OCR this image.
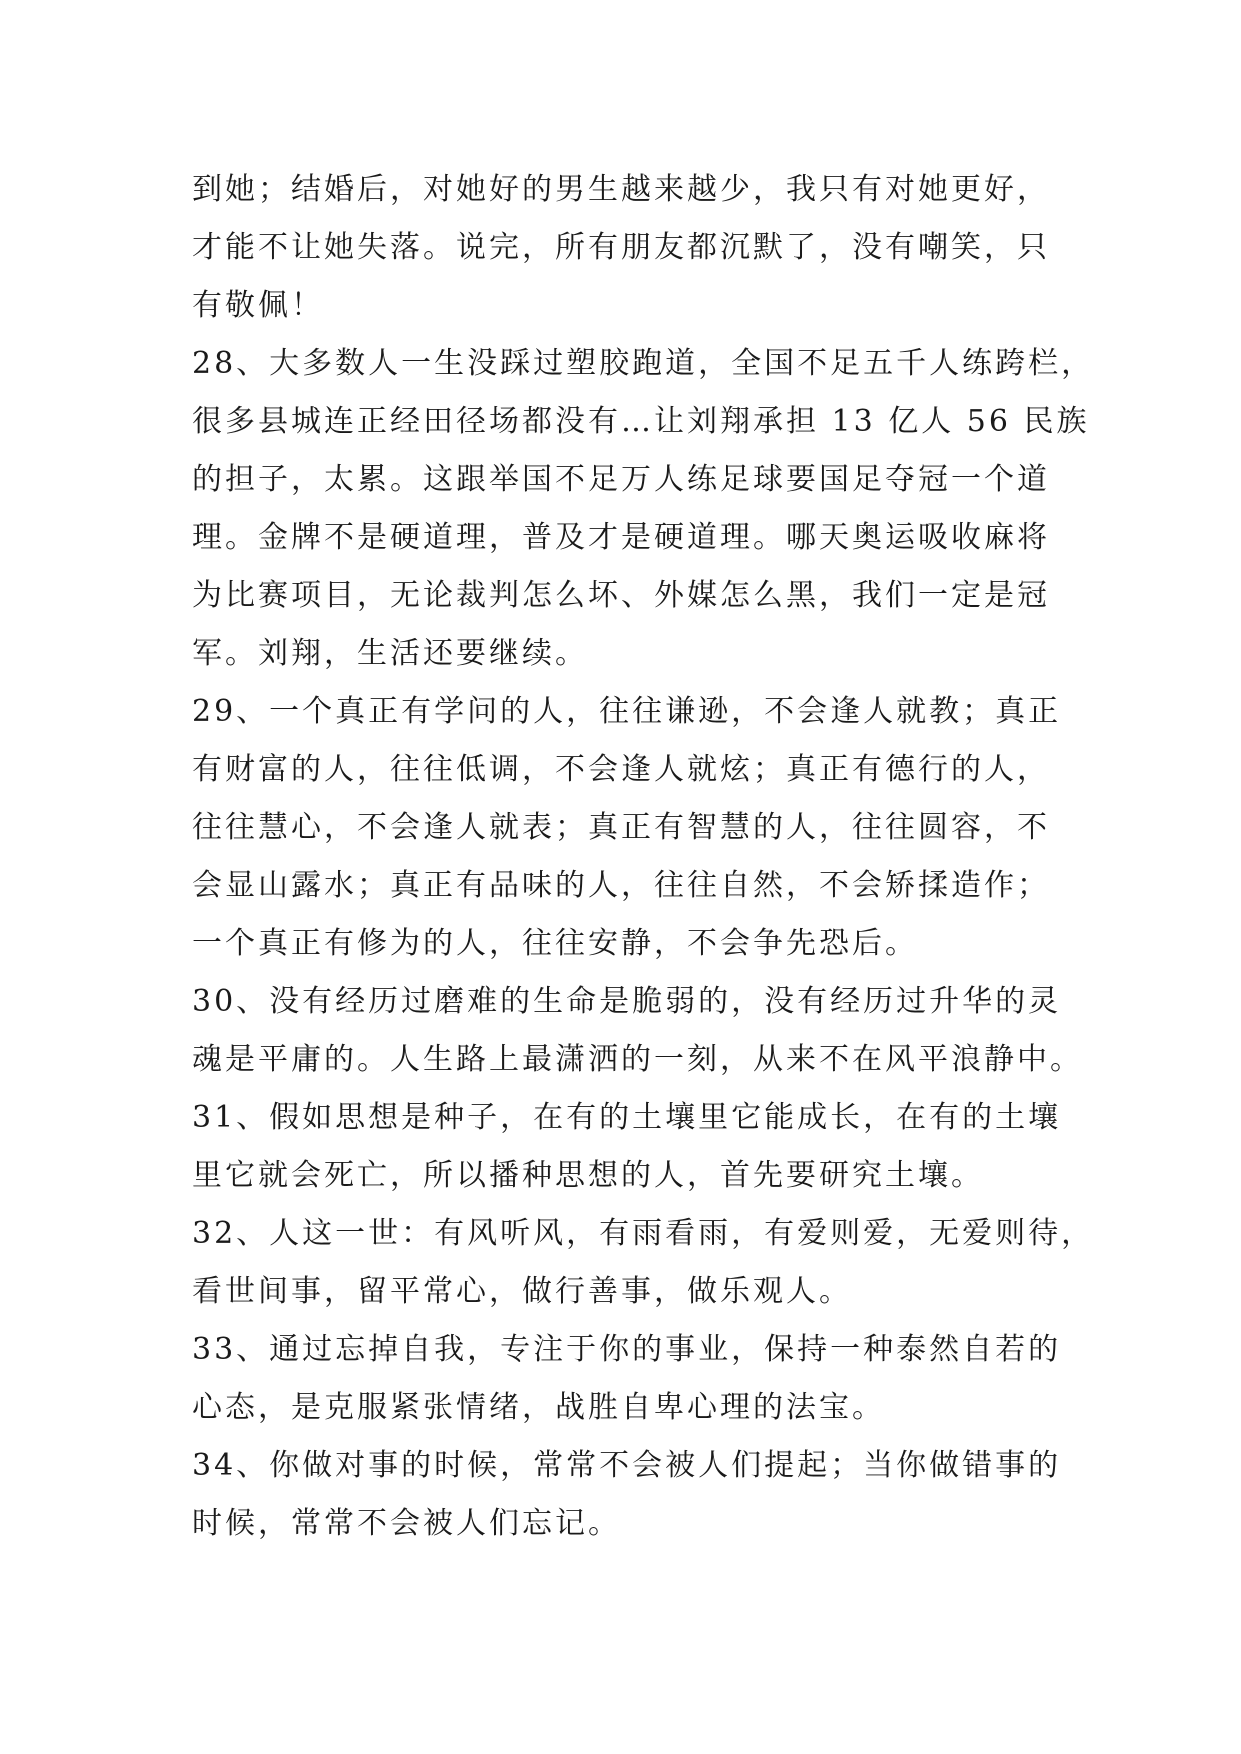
到她；结婚后，对她好的男生越来越少，我只有对她更好，
才能不让她失落。说完，所有朋友都沉默了，没有嘲笑，只
有敬佩！
28、大多数人一生没踩过塑胶跑道，全国不足五千人练跨栏，
很多县城连正经田径场都没有…让刘翔承担 13 亿人 56 民族
的担子，太累。这跟举国不足万人练足球要国足夺冠一个道
理。金牌不是硬道理，普及才是硬道理。哪天奥运吸收麻将
为比赛项目，无论裁判怎么坏、外媒怎么黑，我们一定是冠
军。刘翔，生活还要继续。
29、一个真正有学问的人，往往谦逊，不会逢人就教；真正
有财富的人，往往低调，不会逢人就炫；真正有德行的人，
往往慧心，不会逢人就表；真正有智慧的人，往往圆容，不
会显山露水；真正有品味的人，往往自然，不会矫揉造作；
一个真正有修为的人，往往安静，不会争先恐后。
30、没有经历过磨难的生命是脆弱的，没有经历过升华的灵
魂是平庸的。人生路上最潇洒的一刻，从来不在风平浪静中。
31、假如思想是种子，在有的土壤里它能成长，在有的土壤
里它就会死亡，所以播种思想的人，首先要研究土壤。
32、人这一世：有风听风，有雨看雨，有爱则爱，无爱则待，
看世间事，留平常心，做行善事，做乐观人。
33、通过忘掉自我，专注于你的事业，保持一种泰然自若的
心态，是克服紧张情绪，战胜自卑心理的法宝。
34、你做对事的时候，常常不会被人们提起；当你做错事的
时候，常常不会被人们忘记。
